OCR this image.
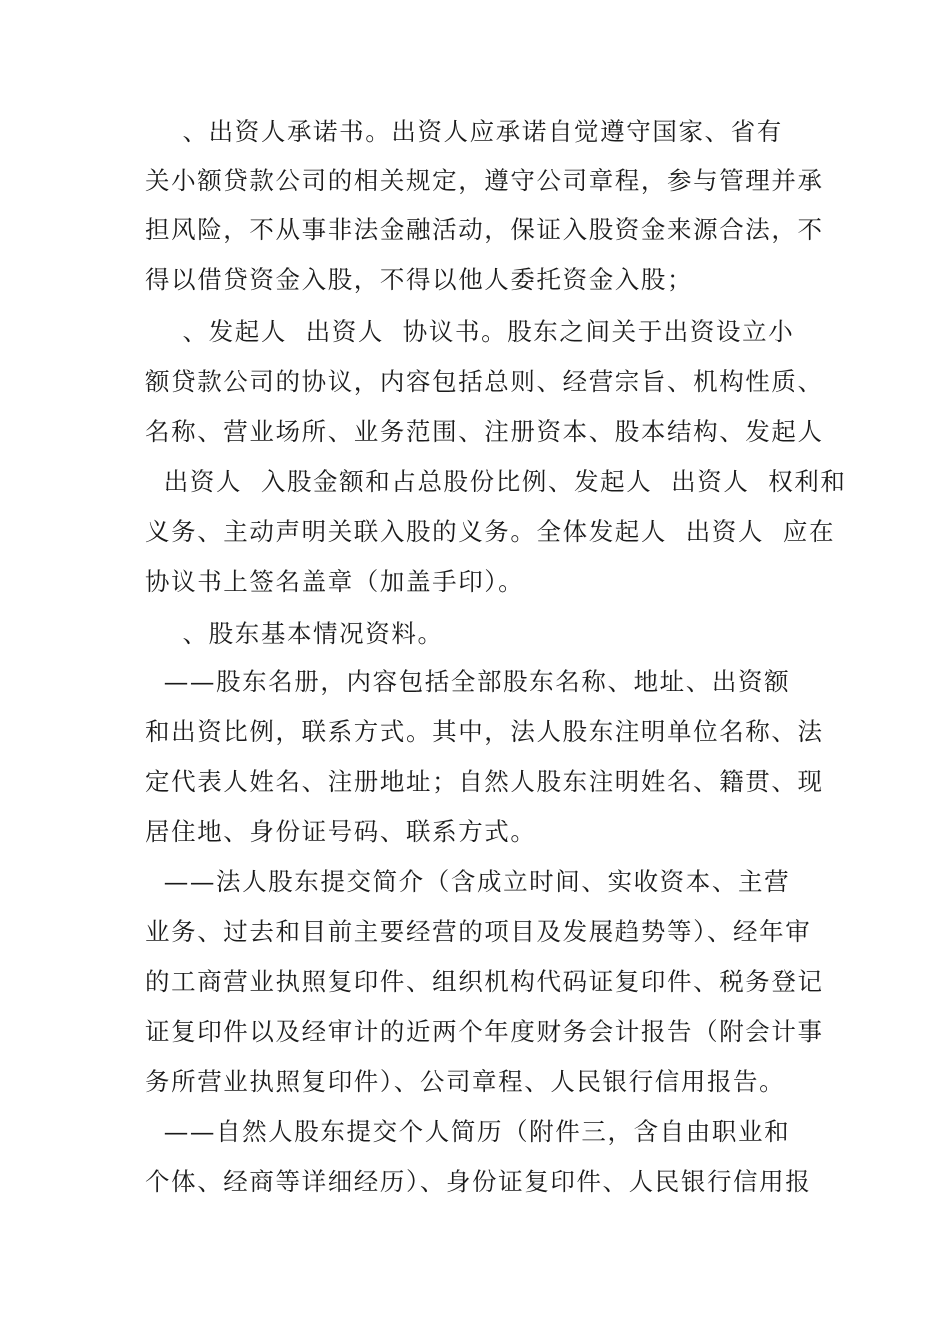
、出资人承诺书。出资人应承诺自觉遵守国家、省有
关小额贷款公司的相关规定，遵守公司章程，参与管理并承
担风险，不从事非法金融活动，保证入股资金来源合法，不
得以借贷资金入股，不得以他人委托资金入股；
、发起人  出资人  协议书。股东之间关于出资设立小
额贷款公司的协议，内容包括总则、经营宗旨、机构性质、
名称、营业场所、业务范围、注册资本、股本结构、发起人
出资人  入股金额和占总股份比例、发起人  出资人  权利和
义务、主动声明关联入股的义务。全体发起人  出资人  应在
协议书上签名盖章（加盖手印）。
、股东基本情况资料。
——股东名册，内容包括全部股东名称、地址、出资额
和出资比例，联系方式。其中，法人股东注明单位名称、法
定代表人姓名、注册地址；自然人股东注明姓名、籍贯、现
居住地、身份证号码、联系方式。
——法人股东提交简介（含成立时间、实收资本、主营
业务、过去和目前主要经营的项目及发展趋势等）、经年审
的工商营业执照复印件、组织机构代码证复印件、税务登记
证复印件以及经审计的近两个年度财务会计报告（附会计事
务所营业执照复印件）、公司章程、人民银行信用报告。
——自然人股东提交个人简历（附件三，含自由职业和
个体、经商等详细经历）、身份证复印件、人民银行信用报
